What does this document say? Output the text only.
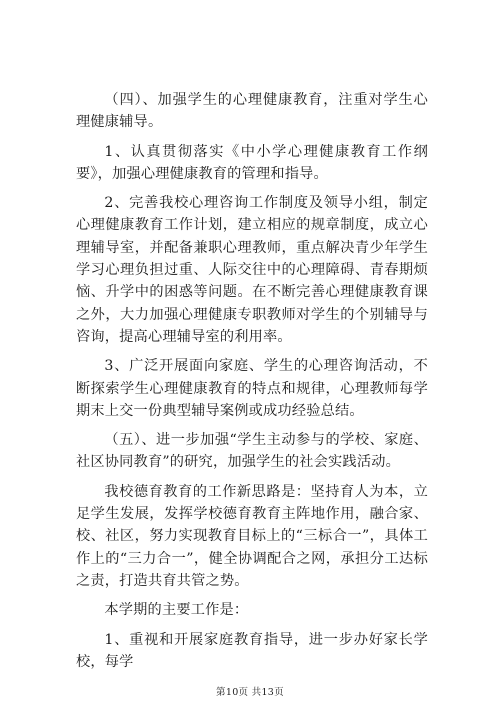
（四）、加强学生的心理健康教育，注重对学生心理健康辅导。

1、认真贯彻落实《中小学心理健康教育工作纲要》，加强心理健康教育的管理和指导。

2、完善我校心理咨询工作制度及领导小组，制定心理健康教育工作计划，建立相应的规章制度，成立心理辅导室，并配备兼职心理教师，重点解决青少年学生学习心理负担过重、人际交往中的心理障碍、青春期烦恼、升学中的困惑等问题。在不断完善心理健康教育课之外，大力加强心理健康专职教师对学生的个别辅导与咨询，提高心理辅导室的利用率。

3、广泛开展面向家庭、学生的心理咨询活动，不断探索学生心理健康教育的特点和规律，心理教师每学期末上交一份典型辅导案例或成功经验总结。

（五）、进一步加强“学生主动参与的学校、家庭、社区协同教育”的研究，加强学生的社会实践活动。

我校德育教育的工作新思路是：坚持育人为本，立足学生发展，发挥学校德育教育主阵地作用，融合家、校、社区，努力实现教育目标上的“三标合一”，具体工作上的“三力合一”，健全协调配合之网，承担分工达标之责，打造共育共管之势。

本学期的主要工作是：

1、重视和开展家庭教育指导，进一步办好家长学校，每学

第10页 共13页
